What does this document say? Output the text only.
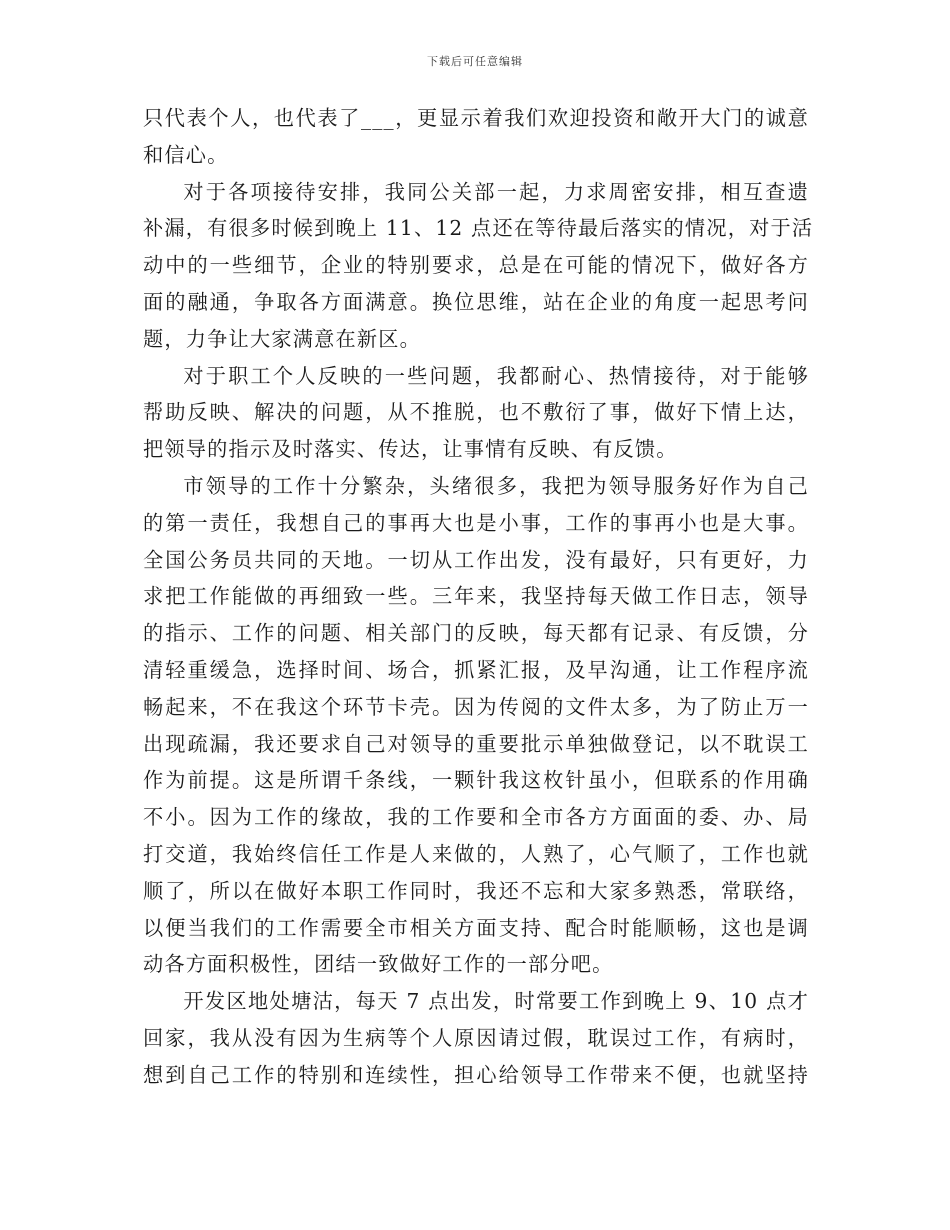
下载后可任意编辑

只代表个人，也代表了___，更显示着我们欢迎投资和敞开大门的诚意
和信心。

对于各项接待安排，我同公关部一起，力求周密安排，相互查遗
补漏，有很多时候到晚上 11、12 点还在等待最后落实的情况，对于活
动中的一些细节，企业的特别要求，总是在可能的情况下，做好各方
面的融通，争取各方面满意。换位思维，站在企业的角度一起思考问
题，力争让大家满意在新区。

对于职工个人反映的一些问题，我都耐心、热情接待，对于能够
帮助反映、解决的问题，从不推脱，也不敷衍了事，做好下情上达，
把领导的指示及时落实、传达，让事情有反映、有反馈。

市领导的工作十分繁杂，头绪很多，我把为领导服务好作为自己
的第一责任，我想自己的事再大也是小事，工作的事再小也是大事。
全国公务员共同的天地。一切从工作出发，没有最好，只有更好，力
求把工作能做的再细致一些。三年来，我坚持每天做工作日志，领导
的指示、工作的问题、相关部门的反映，每天都有记录、有反馈，分
清轻重缓急，选择时间、场合，抓紧汇报，及早沟通，让工作程序流
畅起来，不在我这个环节卡壳。因为传阅的文件太多，为了防止万一
出现疏漏，我还要求自己对领导的重要批示单独做登记，以不耽误工
作为前提。这是所谓千条线，一颗针我这枚针虽小，但联系的作用确
不小。因为工作的缘故，我的工作要和全市各方方面面的委、办、局
打交道，我始终信任工作是人来做的，人熟了，心气顺了，工作也就
顺了，所以在做好本职工作同时，我还不忘和大家多熟悉，常联络，
以便当我们的工作需要全市相关方面支持、配合时能顺畅，这也是调
动各方面积极性，团结一致做好工作的一部分吧。

开发区地处塘沽，每天 7 点出发，时常要工作到晚上 9、10 点才
回家，我从没有因为生病等个人原因请过假，耽误过工作，有病时，
想到自己工作的特别和连续性，担心给领导工作带来不便，也就坚持
